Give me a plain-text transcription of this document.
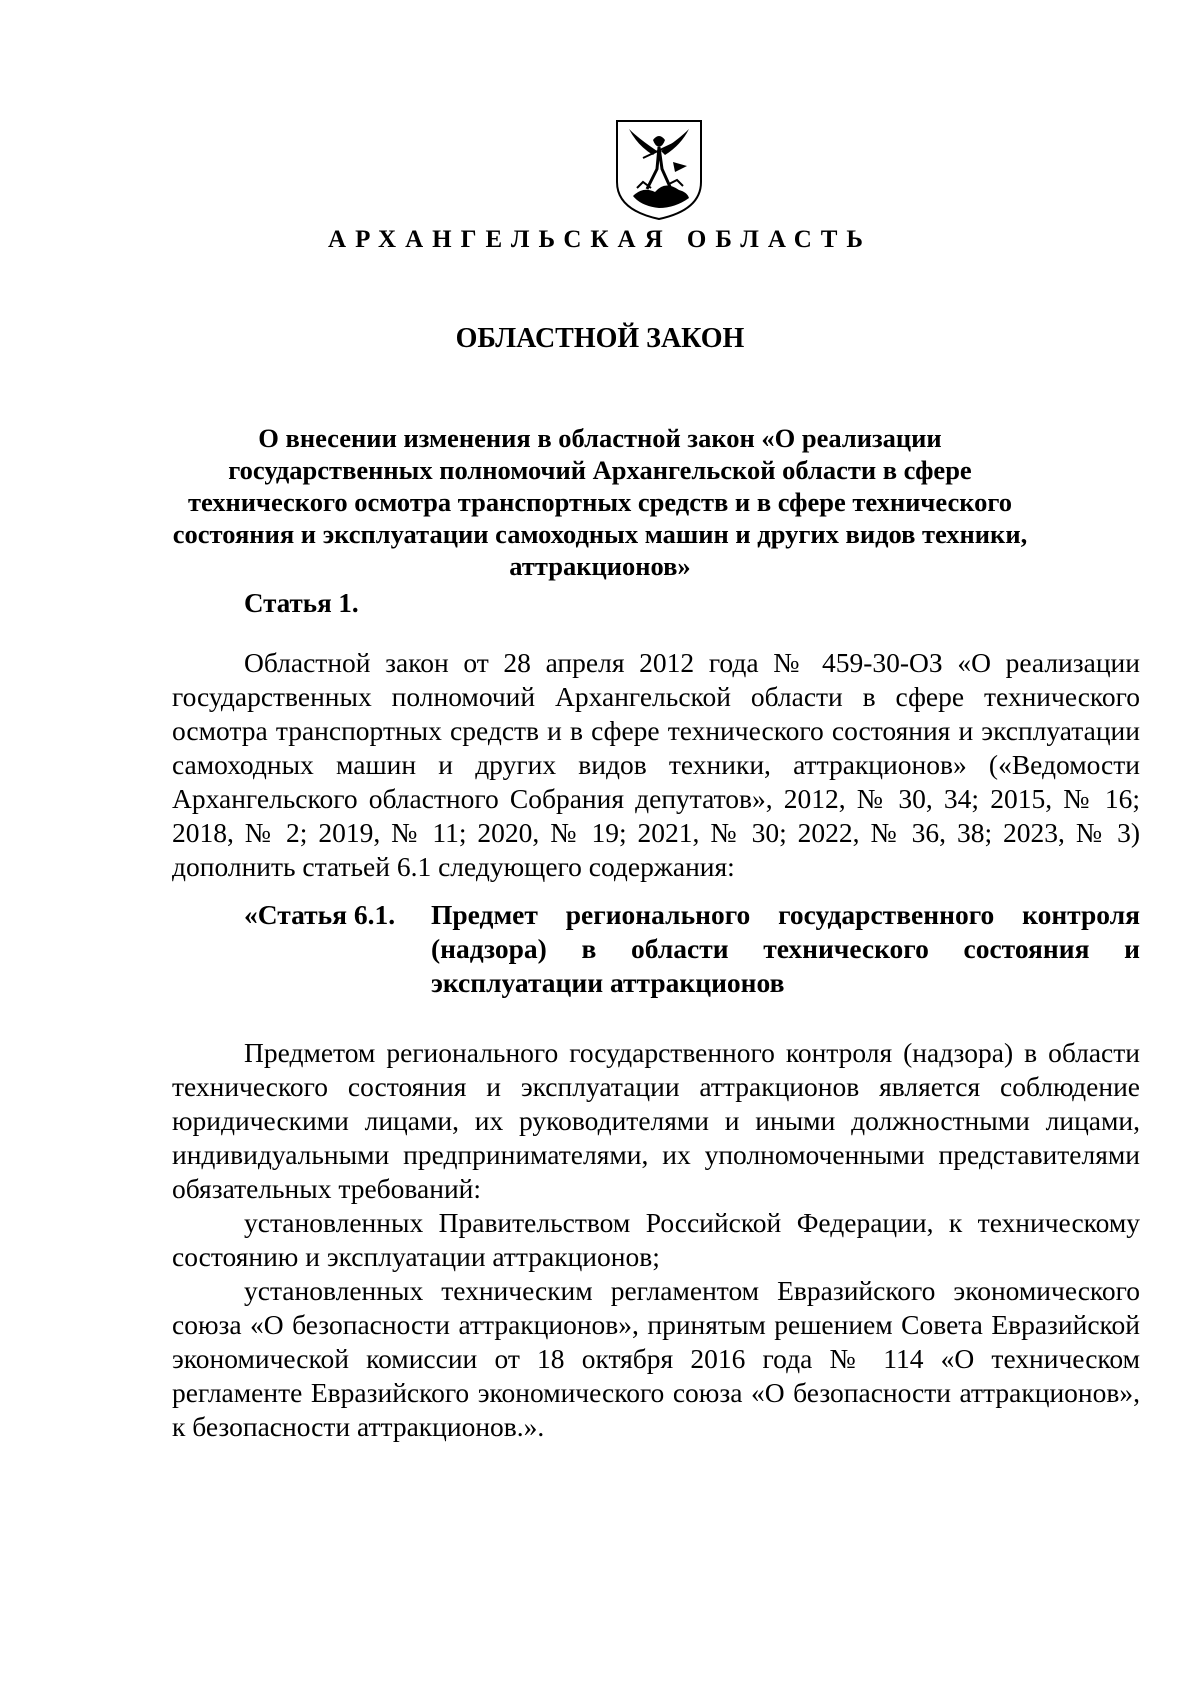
АРХАНГЕЛЬСКАЯ ОБЛАСТЬ
ОБЛАСТНОЙ ЗАКОН
О внесении изменения в областной закон «О реализации государственных полномочий Архангельской области в сфере технического осмотра транспортных средств и в сфере технического состояния и эксплуатации самоходных машин и других видов техники, аттракционов»
Статья 1.

Областной закон от 28 апреля 2012 года № 459-30-ОЗ «О реализации государственных полномочий Архангельской области в сфере технического осмотра транспортных средств и в сфере технического состояния и эксплуатации самоходных машин и других видов техники, аттракционов» («Ведомости Архангельского областного Собрания депутатов», 2012, № 30, 34; 2015, № 16; 2018, № 2; 2019, № 11; 2020, № 19; 2021, № 30; 2022, № 36, 38; 2023, № 3) дополнить статьей 6.1 следующего содержания:

«Статья 6.1. Предмет регионального государственного контроля (надзора) в области технического состояния и эксплуатации аттракционов

Предметом регионального государственного контроля (надзора) в области технического состояния и эксплуатации аттракционов является соблюдение юридическими лицами, их руководителями и иными должностными лицами, индивидуальными предпринимателями, их уполномоченными представителями обязательных требований:

установленных Правительством Российской Федерации, к техническому состоянию и эксплуатации аттракционов;

установленных техническим регламентом Евразийского экономического союза «О безопасности аттракционов», принятым решением Совета Евразийской экономической комиссии от 18 октября 2016 года № 114 «О техническом регламенте Евразийского экономического союза «О безопасности аттракционов», к безопасности аттракционов.».
